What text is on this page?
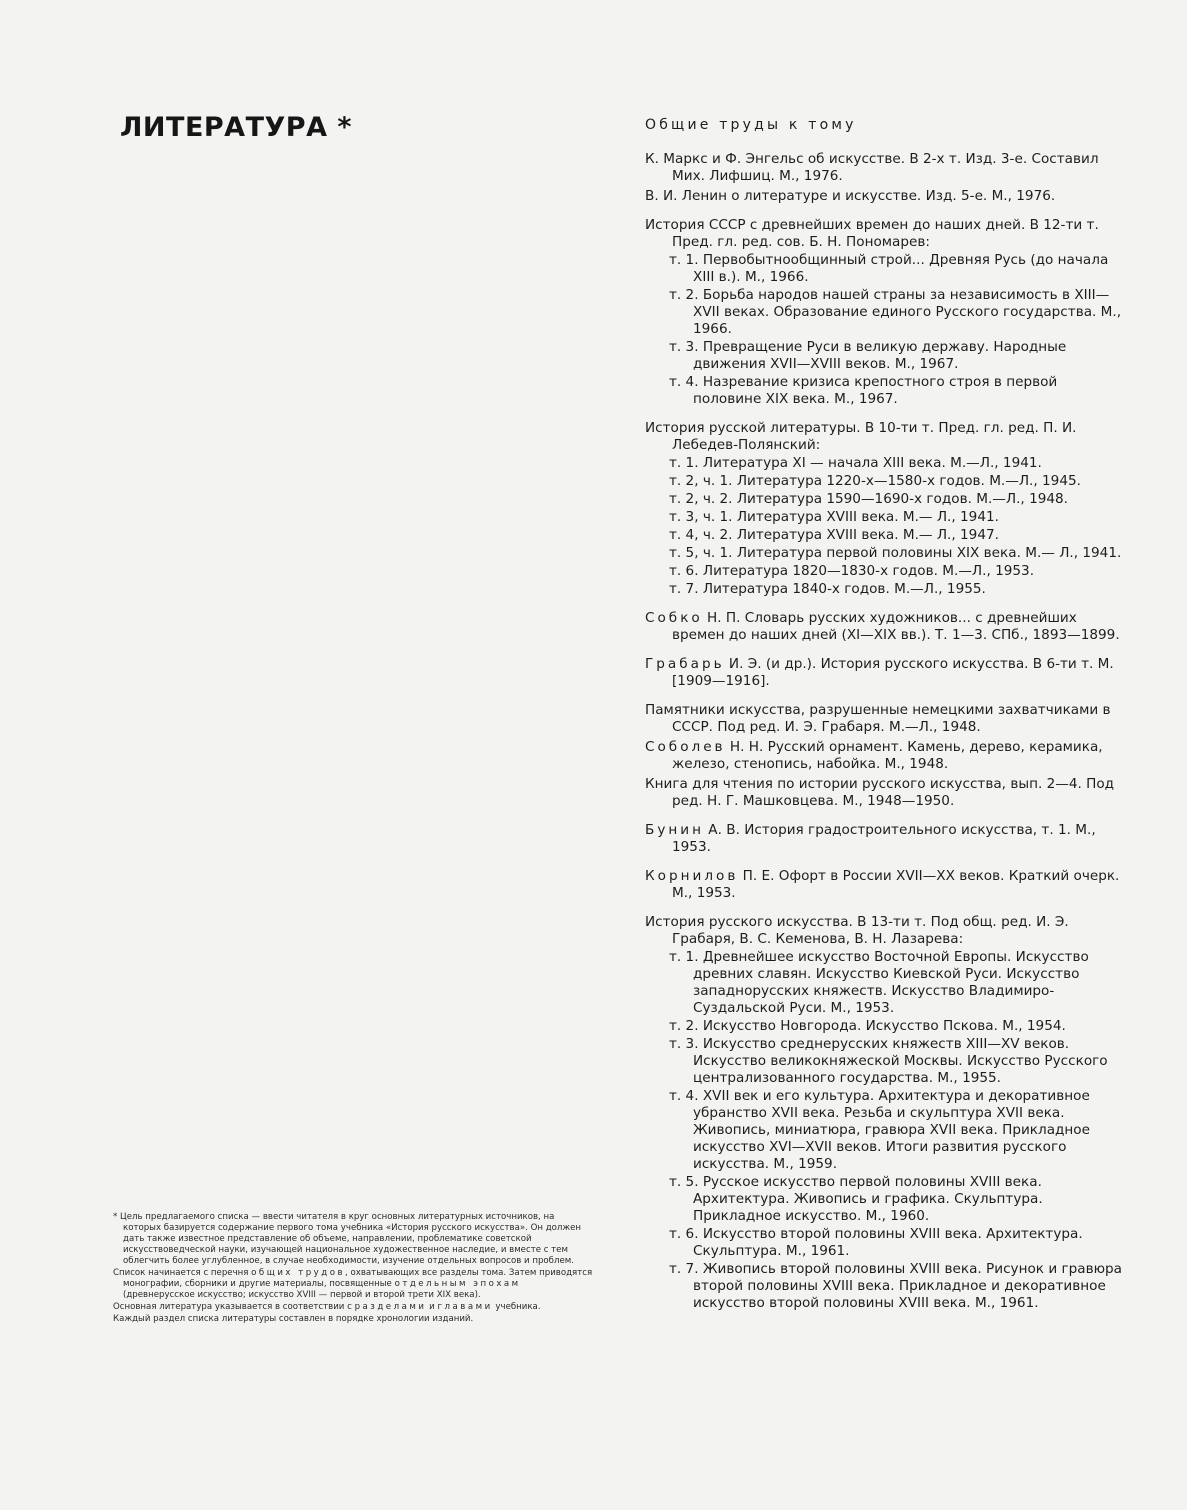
ЛИТЕРАТУРА *	Общие труды к тому
К. Маркс и Ф. Энгельс об искусстве. В 2-х т. Изд. 3-е. Составил Мих. Лифшиц. М., 1976.
В. И. Ленин о литературе и искусстве. Изд. 5-е. М., 1976.
История СССР с древнейших времен до наших дней. В 12-ти т. Пред. гл. ред. сов. Б. Н. Пономарев:
т. 1. Первобытнообщинный строй... Древняя Русь (до начала XIII в.). М., 1966.
т. 2. Борьба народов нашей страны за независимость в XIII—XVII веках. Образование единого Русского государства. М., 1966.
т. 3. Превращение Руси в великую державу. Народные движения XVII—XVIII веков. М., 1967.
т. 4. Назревание кризиса крепостного строя в первой половине XIX века. М., 1967.
История русской литературы. В 10-ти т. Пред. гл. ред. П. И. Лебедев-Полянский:
т. 1. Литература XI — начала XIII века. М.—Л., 1941.
т. 2, ч. 1. Литература 1220-х—1580-х годов. М.—Л., 1945.
т. 2, ч. 2. Литература 1590—1690-х годов. М.—Л., 1948.
т. 3, ч. 1. Литература XVIII века. М.— Л., 1941.
т. 4, ч. 2. Литература XVIII века. М.— Л., 1947.
т. 5, ч. 1. Литература первой половины XIX века. М.— Л., 1941.
т. 6. Литература 1820—1830-х годов. М.—Л., 1953.
т. 7. Литература 1840-х годов. М.—Л., 1955.
Собко Н. П. Словарь русских художников... с древнейших времен до наших дней (XI—XIX вв.). Т. 1—3. СПб., 1893—1899.
Грабарь И. Э. (и др.). История русского искусства. В 6-ти т. М. [1909—1916].
Памятники искусства, разрушенные немецкими захватчиками в СССР. Под ред. И. Э. Грабаря. М.—Л., 1948.
Соболев Н. Н. Русский орнамент. Камень, дерево, керамика, железо, стенопись, набойка. М., 1948.
Книга для чтения по истории русского искусства, вып. 2—4. Под ред. Н. Г. Машковцева. М., 1948—1950.
Бунин А. В. История градостроительного искусства, т. 1. М., 1953.
Корнилов П. Е. Офорт в России XVII—XX веков. Краткий очерк. М., 1953.
История русского искусства. В 13-ти т. Под общ. ред. И. Э. Грабаря, В. С. Кеменова, В. Н. Лазарева:
т. 1. Древнейшее искусство Восточной Европы. Искусство древних славян. Искусство Киевской Руси. Искусство западнорусских княжеств. Искусство Владимиро-Суздальской Руси. М., 1953.
т. 2. Искусство Новгорода. Искусство Пскова. М., 1954.
т. 3. Искусство среднерусских княжеств XIII—XV веков. Искусство великокняжеской Москвы. Искусство Русского централизованного государства. М., 1955.
т. 4. XVII век и его культура. Архитектура и декоративное убранство XVII века. Резьба и скульптура XVII века. Живопись, миниатюра, гравюра XVII века. Прикладное искусство XVI—XVII веков. Итоги развития русского искусства. М., 1959.
т. 5. Русское искусство первой половины XVIII века. Архитектура. Живопись и графика. Скульптура. Прикладное искусство. М., 1960.
т. 6. Искусство второй половины XVIII века. Архитектура. Скульптура. М., 1961.
т. 7. Живопись второй половины XVIII века. Рисунок и гравюра второй половины XVIII века. Прикладное и декоративное искусство второй половины XVIII века. М., 1961.

* Цель предлагаемого списка — ввести читателя в круг основных литературных источников, на которых базируется содержание первого тома учебника «История русского искусства». Он должен дать также известное представление об объеме, направлении, проблематике советской искусствоведческой науки, изучающей национальное художественное наследие, и вместе с тем облегчить более углубленное, в случае необходимости, изучение отдельных вопросов и проблем.

Список начинается с перечня общих трудов, охватывающих все разделы тома. Затем приводятся монографии, сборники и другие материалы, посвященные отдельным эпохам (древнерусское искусство; искусство XVIII — первой и второй трети XIX века).

Основная литература указывается в соответствии с разделами и главами учебника.

Каждый раздел списка литературы составлен в порядке хронологии изданий.
